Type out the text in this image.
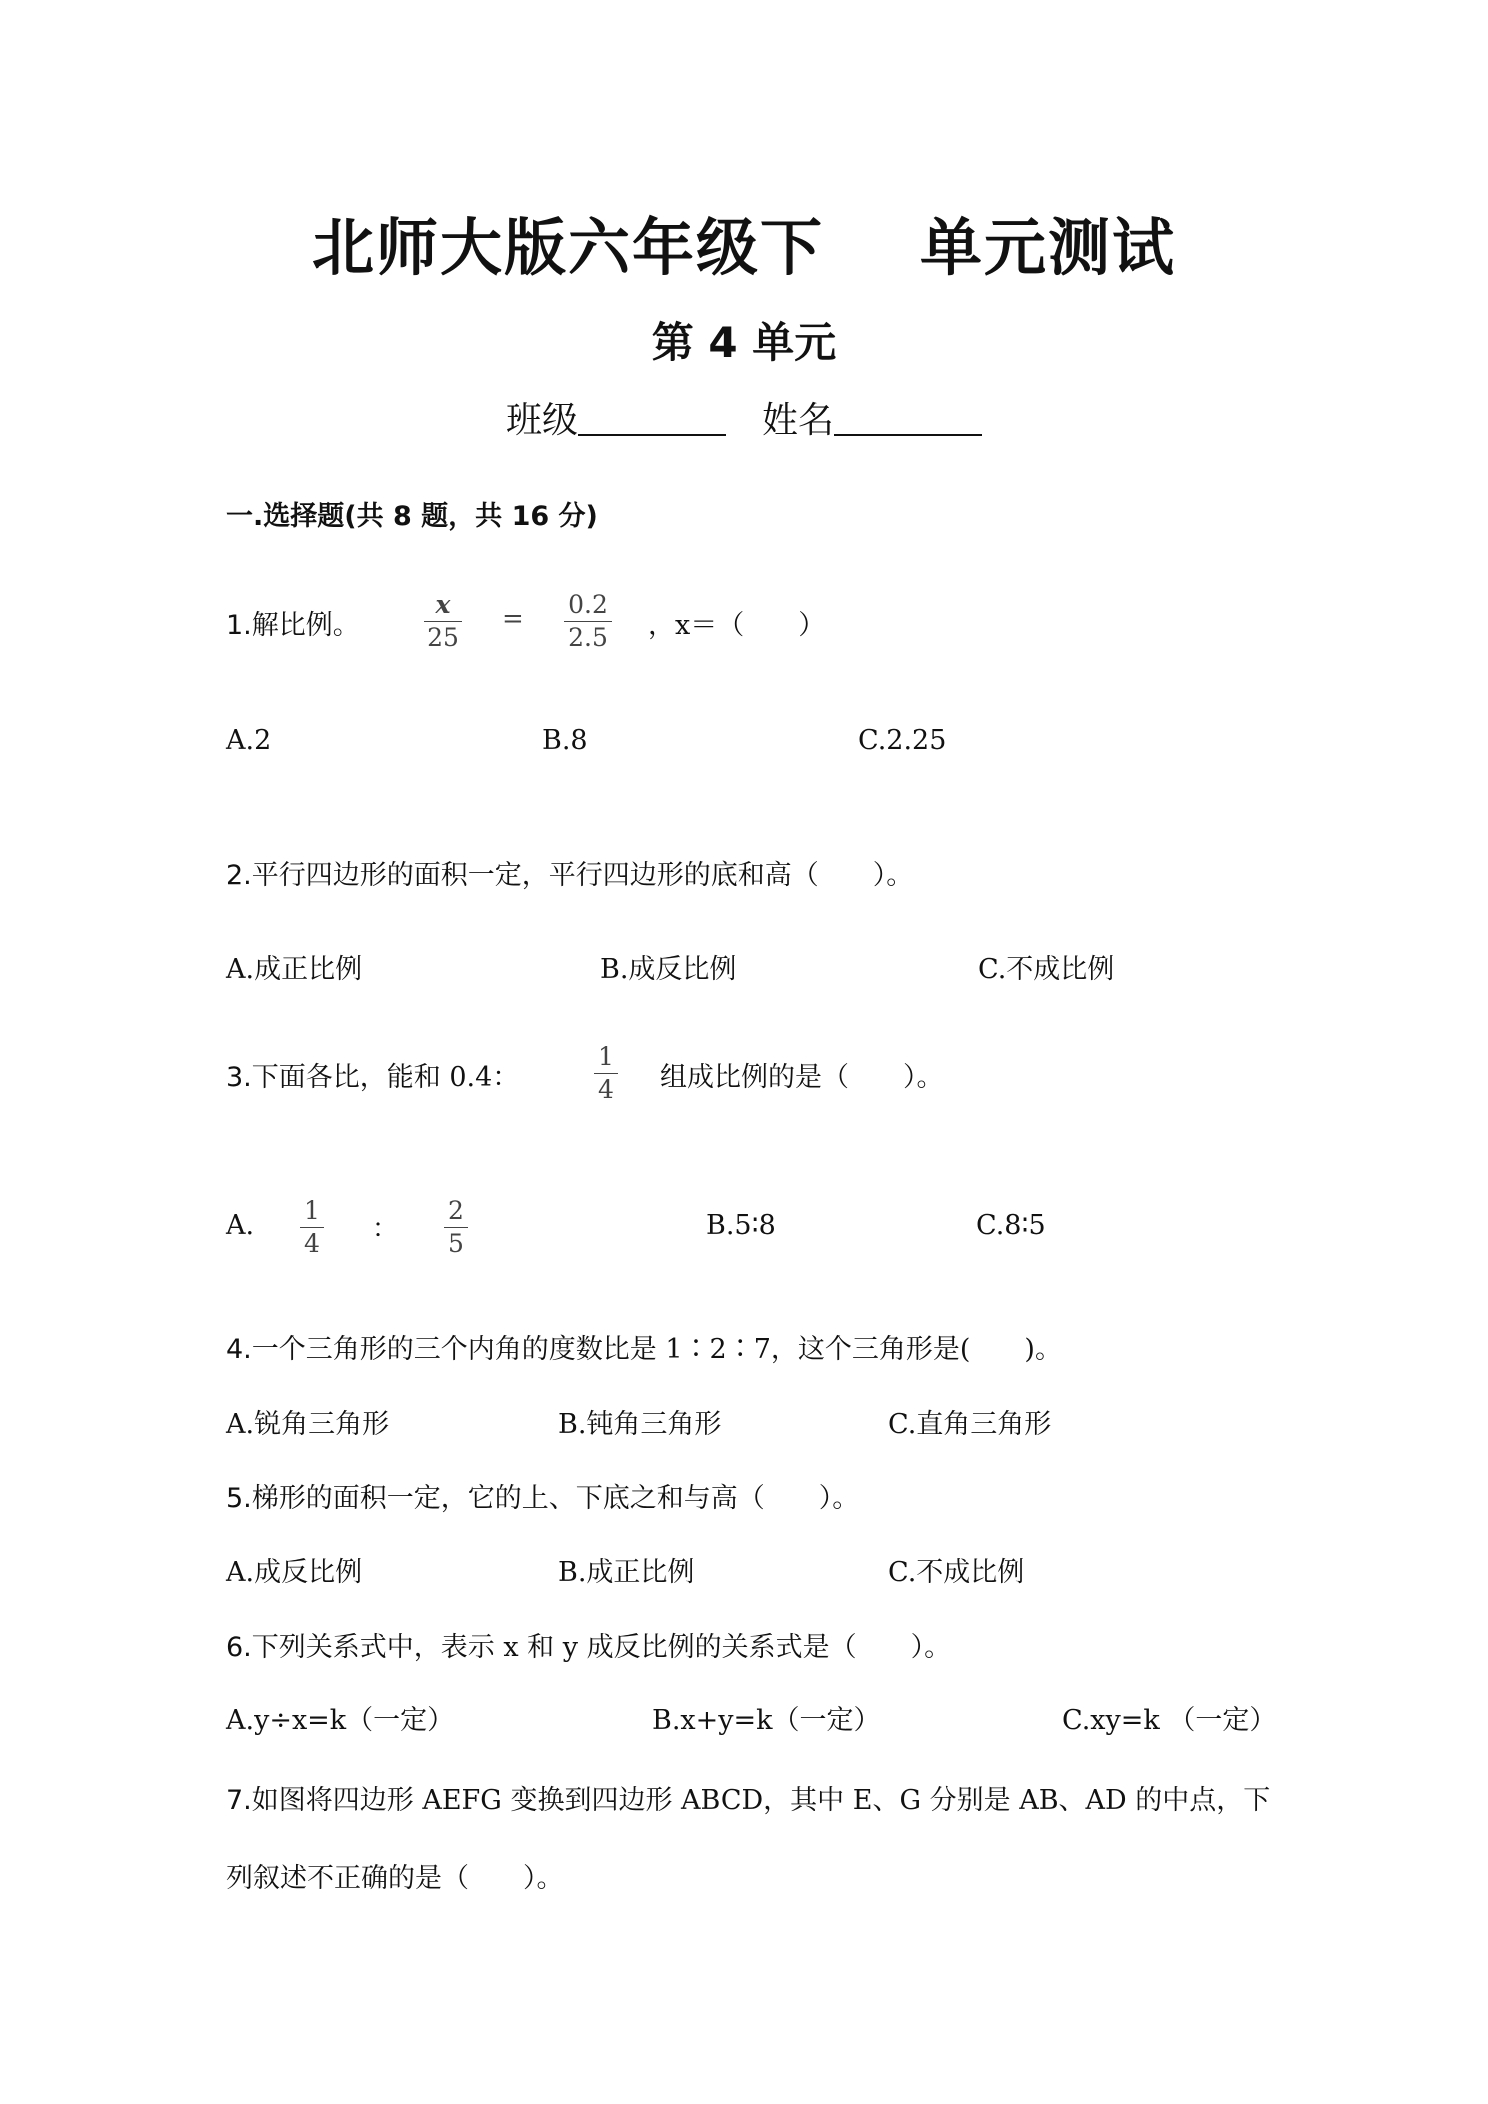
北师大版六年级下 单元测试
第 4 单元
班级	姓名
一.选择题(共 8 题，共 16 分)
1.解比例。
x
25
= 0.2
2.5 ，x＝（　　）
A.2	B.8	C.2.25
2.平行四边形的面积一定，平行四边形的底和高（　　）。
A.成正比例	B.成反比例	C.不成比例
3.下面各比，能和 0.4：
1
4 组成比例的是（　　）。
A. 1
4 ：
2
5
B.5∶8	C.8∶5
4.一个三角形的三个内角的度数比是 1∶2∶7，这个三角形是(　　)。
A.锐角三角形	B.钝角三角形	C.直角三角形
5.梯形的面积一定，它的上、下底之和与高（　　）。
A.成反比例	B.成正比例	C.不成比例
6.下列关系式中，表示 x 和 y 成反比例的关系式是（　　）。
A.y÷x=k（一定）	B.x+y=k（一定）	C.xy=k （一定）
7.如图将四边形 AEFG 变换到四边形 ABCD，其中 E、G 分别是 AB、AD 的中点，下
列叙述不正确的是（　　）。
